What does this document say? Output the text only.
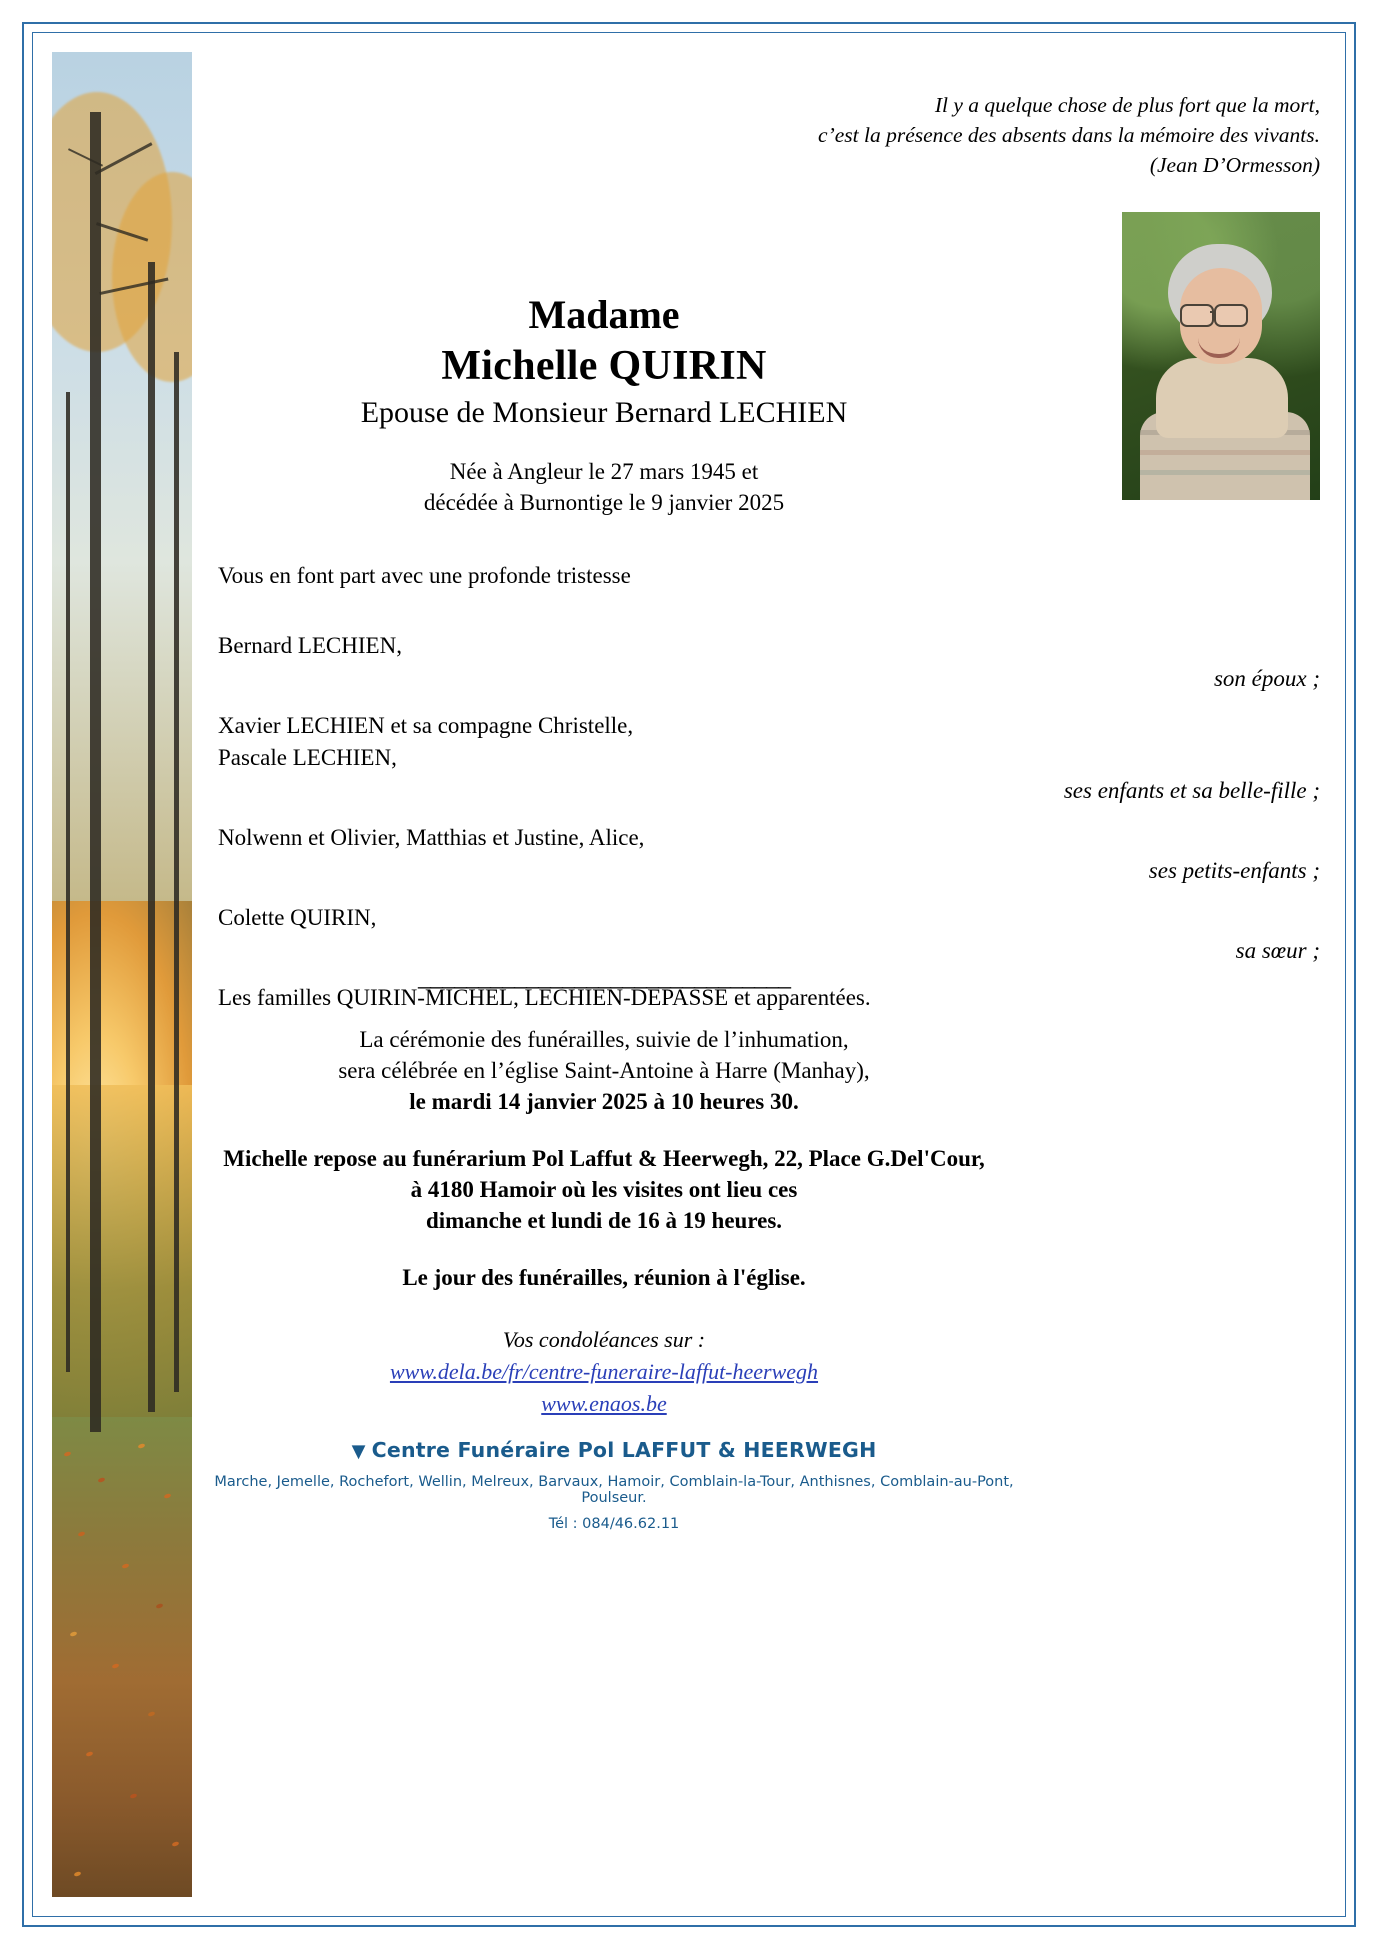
Il y a quelque chose de plus fort que la mort,
c’est la présence des absents dans la mémoire des vivants.
(Jean D’Ormesson)
Madame
Michelle QUIRIN
Epouse de Monsieur Bernard LECHIEN
Née à Angleur le 27 mars 1945 et
décédée à Burnontige le 9 janvier 2025
Vous en font part avec une profonde tristesse
Bernard LECHIEN,
son époux ;
Xavier LECHIEN et sa compagne Christelle,
Pascale LECHIEN,
ses enfants et sa belle-fille ;
Nolwenn et Olivier, Matthias et Justine, Alice,
ses petits-enfants ;
Colette QUIRIN,
sa sœur ;
Les familles QUIRIN-MICHEL, LECHIEN-DEPASSE et apparentées.
_______________________________
La cérémonie des funérailles, suivie de l’inhumation,
sera célébrée en l’église Saint-Antoine à Harre (Manhay),
le mardi 14 janvier 2025 à 10 heures 30.
Michelle repose au funérarium Pol Laffut & Heerwegh, 22, Place G.Del'Cour,
à 4180 Hamoir où les visites ont lieu ces
dimanche et lundi de 16 à 19 heures.
Le jour des funérailles, réunion à l'église.
Vos condoléances sur :
www.dela.be/fr/centre-funeraire-laffut-heerwegh
www.enaos.be
▼ Centre Funéraire Pol LAFFUT & HEERWEGH
Marche, Jemelle, Rochefort, Wellin, Melreux, Barvaux, Hamoir, Comblain-la-Tour, Anthisnes, Comblain-au-Pont, Poulseur.
Tél : 084/46.62.11
